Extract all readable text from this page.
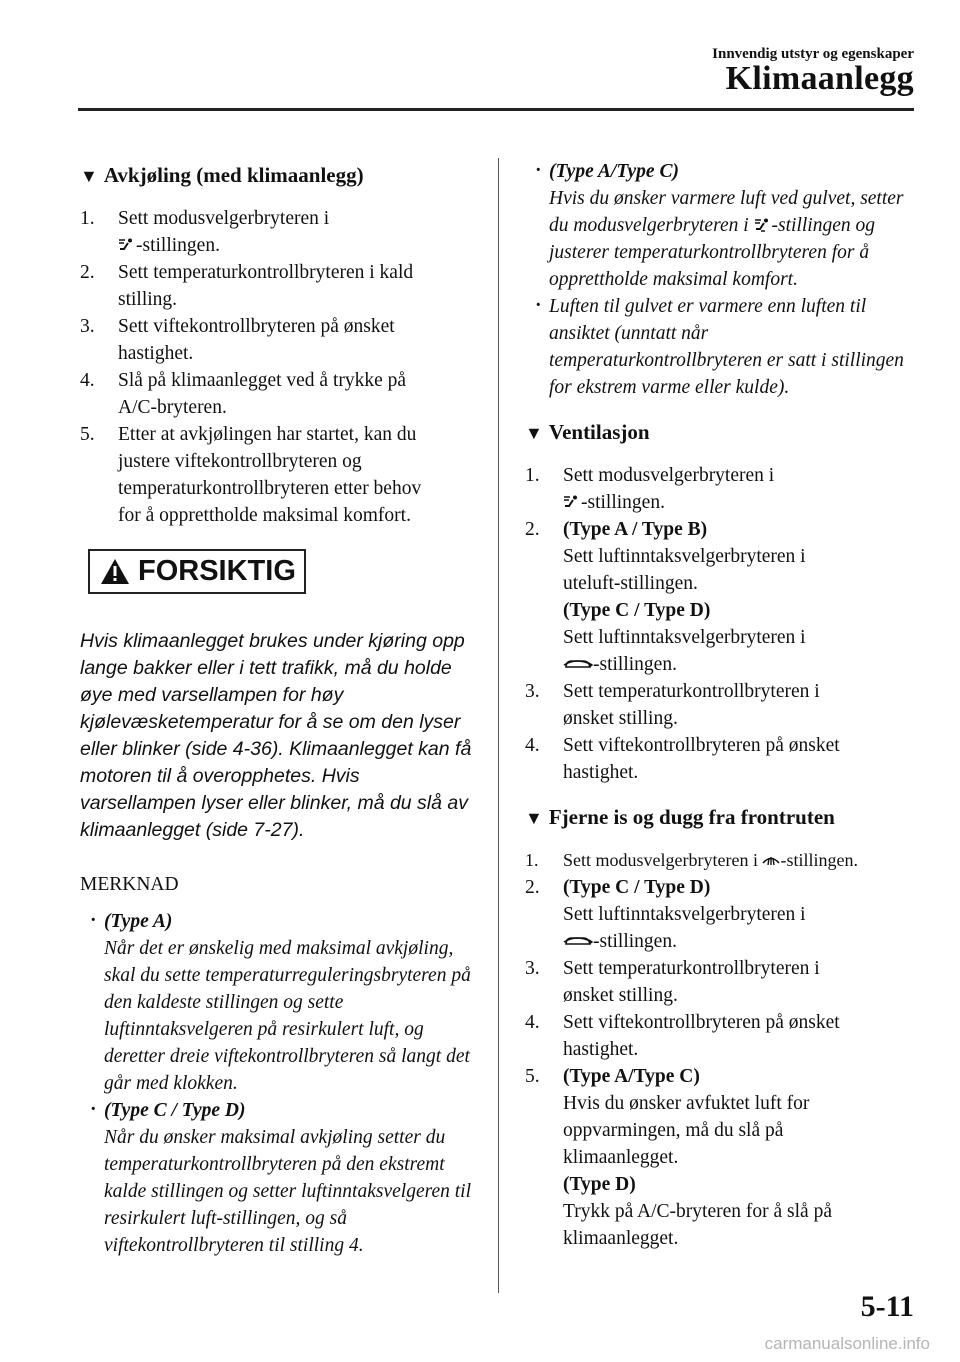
Innvendig utstyr og egenskaper
Klimaanlegg
▼ Avkjøling (med klimaanlegg)

1. Sett modusvelgerbryteren i
-stillingen.

2. Sett temperaturkontrollbryteren i kald
stilling.

3. Sett viftekontrollbryteren på ønsket
hastighet.

4. Slå på klimaanlegget ved å trykke på
A/C-bryteren.

5. Etter at avkjølingen har startet, kan du
justere viftekontrollbryteren og
temperaturkontrollbryteren etter behov
for å opprettholde maksimal komfort.

FORSIKTIG

Hvis klimaanlegget brukes under kjøring opp lange bakker eller i tett trafikk, må du holde øye med varsellampen for høy kjølevæsketemperatur for å se om den lyser eller blinker (side 4-36). Klimaanlegget kan få motoren til å overopphetes. Hvis varsellampen lyser eller blinker, må du slå av klimaanlegget (side 7-27).

MERKNAD
· (Type A)
Når det er ønskelig med maksimal avkjøling, skal du sette temperaturreguleringsbryteren på den kaldeste stillingen og sette luftinntaksvelgeren på resirkulert luft, og deretter dreie viftekontrollbryteren så langt det går med klokken.
· (Type C / Type D)
Når du ønsker maksimal avkjøling setter du temperaturkontrollbryteren på den ekstremt kalde stillingen og setter luftinntaksvelgeren til resirkulert luft-stillingen, og så viftekontrollbryteren til stilling 4.
· (Type A/Type C)
Hvis du ønsker varmere luft ved gulvet, setter du modusvelgerbryteren i -stillingen og justerer temperaturkontrollbryteren for å opprettholde maksimal komfort.
· Luften til gulvet er varmere enn luften til ansiktet (unntatt når temperaturkontrollbryteren er satt i stillingen for ekstrem varme eller kulde).
▼ Ventilasjon

1. Sett modusvelgerbryteren i
-stillingen.

2. (Type A / Type B)
Sett luftinntaksvelgerbryteren i
uteluft-stillingen.
(Type C / Type D)
Sett luftinntaksvelgerbryteren i
-stillingen.

3. Sett temperaturkontrollbryteren i
ønsket stilling.

4. Sett viftekontrollbryteren på ønsket
hastighet.

▼ Fjerne is og dugg fra frontruten

1. Sett modusvelgerbryteren i -stillingen.

2. (Type C / Type D)
Sett luftinntaksvelgerbryteren i
-stillingen.

3. Sett temperaturkontrollbryteren i
ønsket stilling.

4. Sett viftekontrollbryteren på ønsket
hastighet.

5. (Type A/Type C)
Hvis du ønsker avfuktet luft for
oppvarmingen, må du slå på
klimaanlegget.
(Type D)
Trykk på A/C-bryteren for å slå på
klimaanlegget.

5-11
carmanualsonline.info
